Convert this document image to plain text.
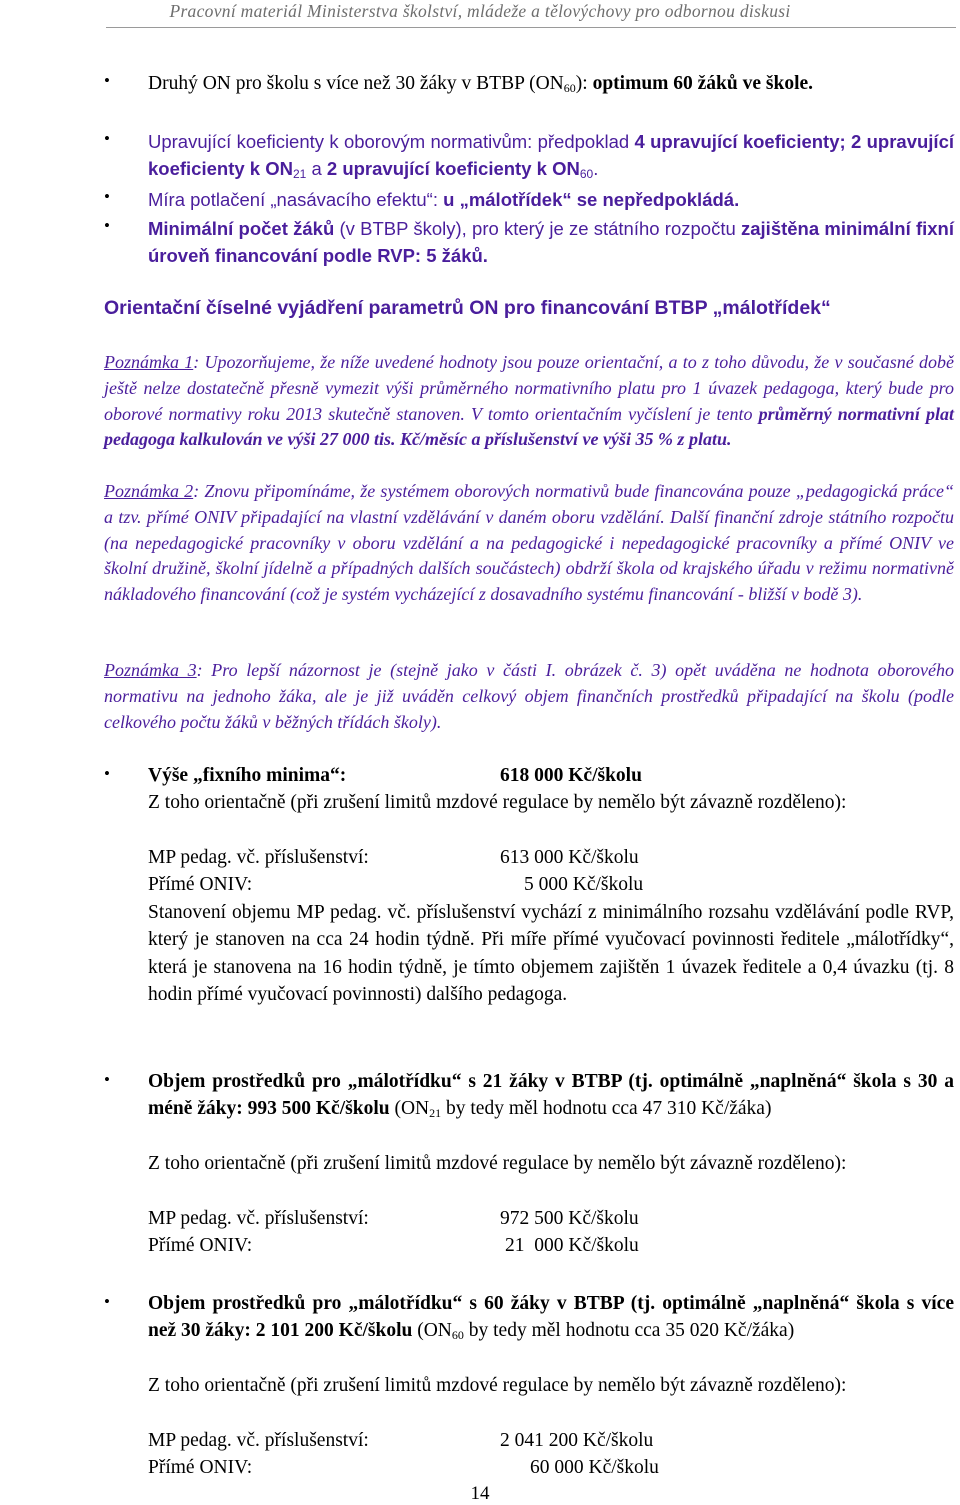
Pracovní materiál Ministerstva školství, mládeže a tělovýchovy pro odbornou diskusi
• Druhý ON pro školu s více než 30 žáky v BTBP $(ON_{60})$: optimum 60 žáků ve škole.
• Upravující koeficienty k oborovým normativům: předpoklad 4 upravující koeficienty; 2 upravující koeficienty k $ON_{21}$ a 2 upravující koeficienty k $ON_{60}$.
• Míra potlačení „nasávacího efektu“: u „málotřídek“ se nepředpokládá.
• Minimální počet žáků (v BTBP školy), pro který je ze státního rozpočtu zajištěna minimální fixní úroveň financování podle RVP: 5 žáků.
Orientační číselné vyjádření parametrů ON pro financování BTBP „málotřídek“
Poznámka 1: Upozorňujeme, že níže uvedené hodnoty jsou pouze orientační, a to z toho důvodu, že v současné době ještě nelze dostatečně přesně vymezit výši průměrného normativního platu pro 1 úvazek pedagoga, který bude pro oborové normativy roku 2013 skutečně stanoven. V tomto orientačním vyčíslení je tento průměrný normativní plat pedagoga kalkulován ve výši 27 000 tis. Kč/měsíc a příslušenství ve výši 35 % z platu.
Poznámka 2: Znovu připomínáme, že systémem oborových normativů bude financována pouze „pedagogická práce“ a tzv. přímé ONIV připadající na vlastní vzdělávání v daném oboru vzdělání. Další finanční zdroje státního rozpočtu (na nepedagogické pracovníky v oboru vzdělání a na pedagogické i nepedagogické pracovníky a přímé ONIV ve školní družině, školní jídelně a případných dalších součástech) obdrží škola od krajského úřadu v režimu normativně nákladového financování (což je systém vycházející z dosavadního systému financování - bližší v bodě 3).
Poznámka 3: Pro lepší názornost je (stejně jako v části I. obrázek č. 3) opět uváděna ne hodnota oborového normativu na jednoho žáka, ale je již uváděn celkový objem finančních prostředků připadající na školu (podle celkového počtu žáků v běžných třídách školy).
• Výše „fixního minima“:	618 000 Kč/školu
Z toho orientačně (při zrušení limitů mzdové regulace by nemělo být závazně rozděleno):
MP pedag. vč. příslušenství:	613 000 Kč/školu
Přímé ONIV:	5 000 Kč/školu
Stanovení objemu MP pedag. vč. příslušenství vychází z minimálního rozsahu vzdělávání podle RVP, který je stanoven na cca 24 hodin týdně. Při míře přímé vyučovací povinnosti ředitele „málotřídky“, která je stanovena na 16 hodin týdně, je tímto objemem zajištěn 1 úvazek ředitele a 0,4 úvazku (tj. 8 hodin přímé vyučovací povinnosti) dalšího pedagoga.
• Objem prostředků pro „málotřídku“ s 21 žáky v BTBP (tj. optimálně „naplněná“ škola s 30 a méně žáky: 993 500 Kč/školu ($ON_{21}$ by tedy měl hodnotu cca 47 310 Kč/žáka)
Z toho orientačně (při zrušení limitů mzdové regulace by nemělo být závazně rozděleno):
MP pedag. vč. příslušenství:	972 500 Kč/školu
Přímé ONIV:	21  000 Kč/školu
• Objem prostředků pro „málotřídku“ s 60 žáky v BTBP (tj. optimálně „naplněná“ škola s více než 30 žáky: 2 101 200 Kč/školu ($ON_{60}$ by tedy měl hodnotu cca 35 020 Kč/žáka)
Z toho orientačně (při zrušení limitů mzdové regulace by nemělo být závazně rozděleno):
MP pedag. vč. příslušenství:	2 041 200 Kč/školu
Přímé ONIV:	60 000 Kč/školu
14
